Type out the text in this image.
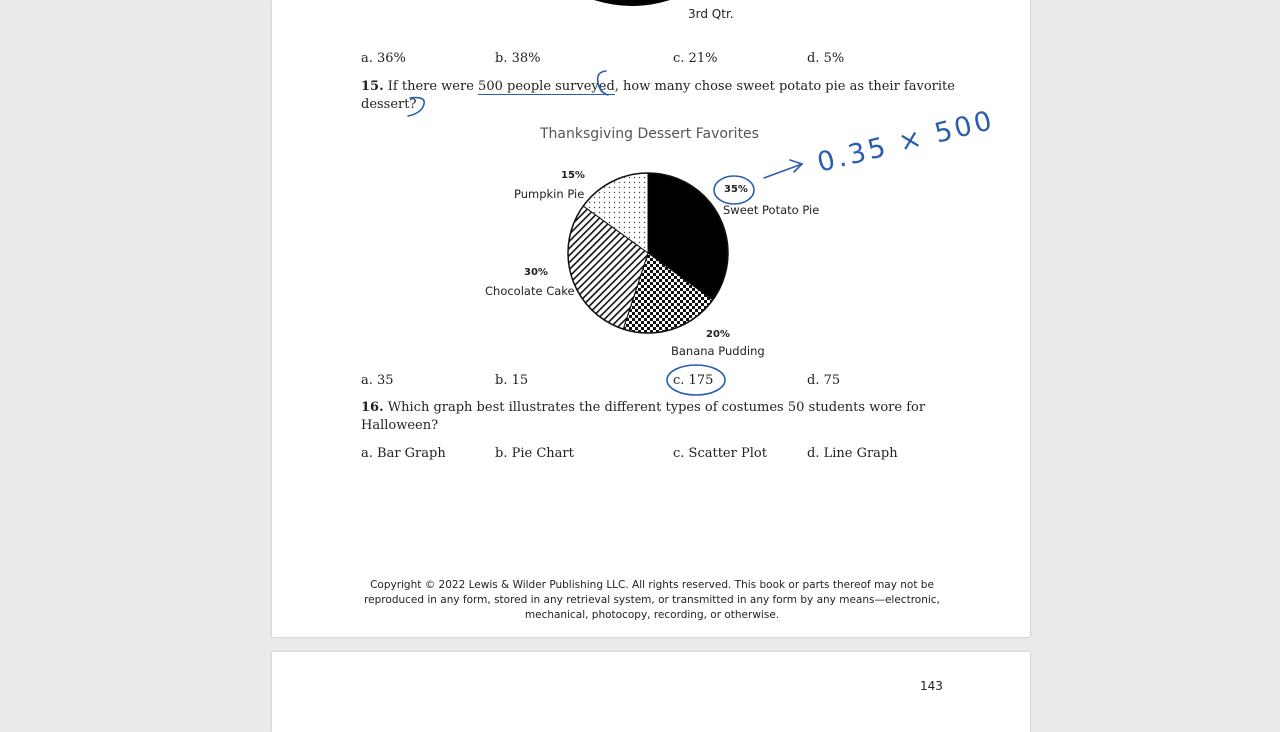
3rd Qtr.
a. 36%	b. 38%	c. 21%	d. 5%
15. If there were 500 people surveyed, how many chose sweet potato pie as their favorite
dessert?
Thanksgiving Dessert Favorites
35%
Sweet Potato Pie
20%
Banana Pudding
30%
Chocolate Cake
15%
Pumpkin Pie
a. 35	b. 15	c. 175	d. 75
16. Which graph best illustrates the different types of costumes 50 students wore for
Halloween?
a. Bar Graph	b. Pie Chart	c. Scatter Plot	d. Line Graph
0.35 × 500
Copyright © 2022 Lewis & Wilder Publishing LLC. All rights reserved. This book or parts thereof may not be
reproduced in any form, stored in any retrieval system, or transmitted in any form by any means—electronic,
mechanical, photocopy, recording, or otherwise.
143
